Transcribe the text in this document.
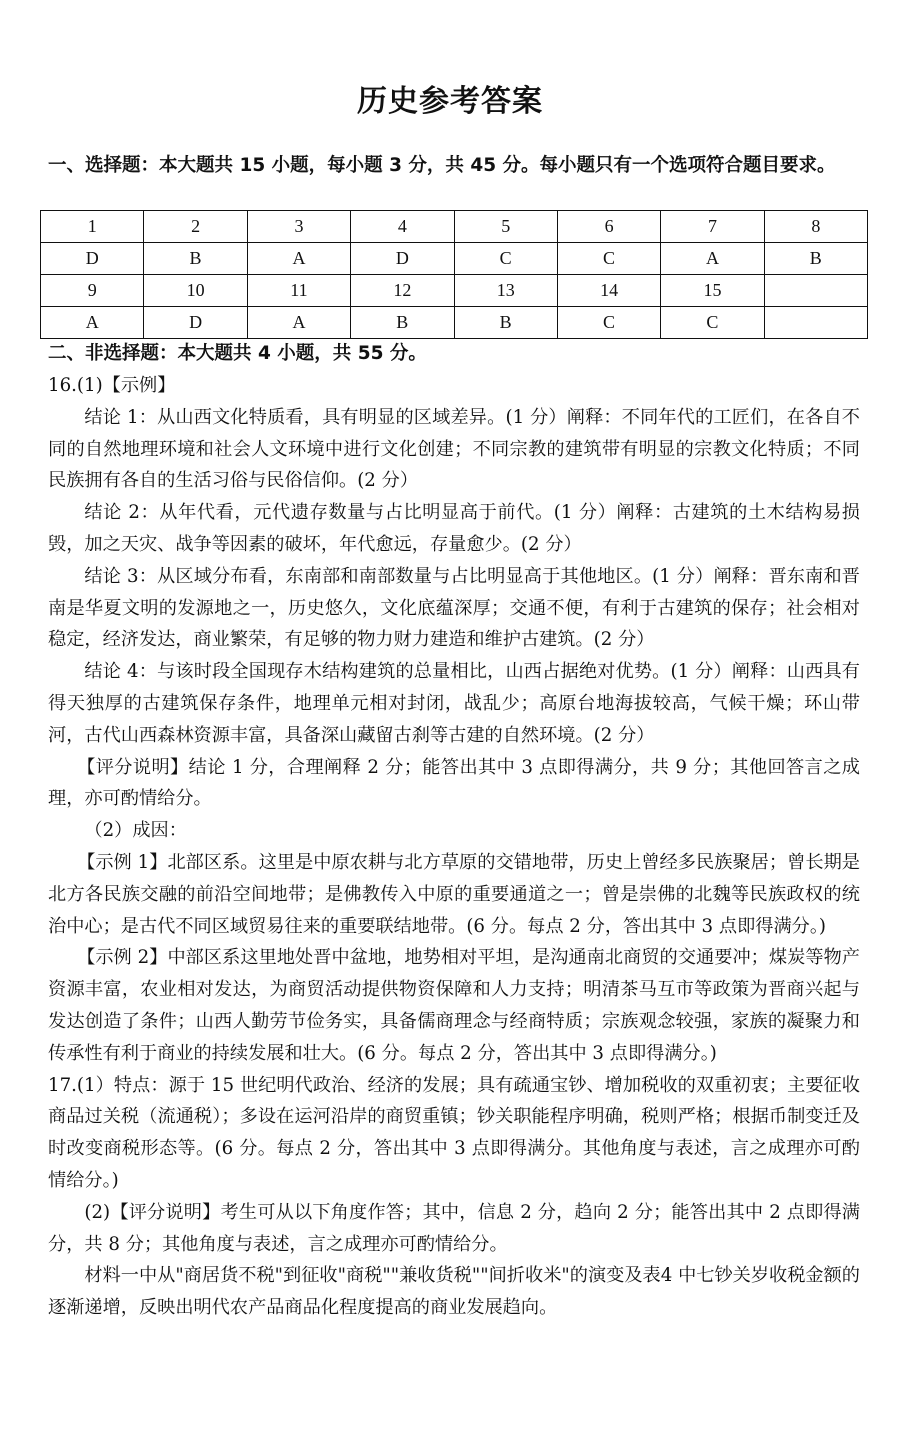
历史参考答案
一、选择题：本大题共 15 小题，每小题 3 分，共 45 分。每小题只有一个选项符合题目要求。
1	2	3	4	5	6	7	8
D	B	A	D	C	C	A	B
9	10	11	12	13	14	15	
A	D	A	B	B	C	C	
二、非选择题：本大题共 4 小题，共 55 分。

16.(1)【示例】

结论 1：从山西文化特质看，具有明显的区域差异。(1 分）阐释：不同年代的工匠们，在各自不同的自然地理环境和社会人文环境中进行文化创建；不同宗教的建筑带有明显的宗教文化特质；不同民族拥有各自的生活习俗与民俗信仰。(2 分）

结论 2：从年代看，元代遗存数量与占比明显高于前代。(1 分）阐释：古建筑的土木结构易损毁，加之天灾、战争等因素的破坏，年代愈远，存量愈少。(2 分）

结论 3：从区域分布看，东南部和南部数量与占比明显高于其他地区。(1 分）阐释：晋东南和晋南是华夏文明的发源地之一，历史悠久，文化底蕴深厚；交通不便，有利于古建筑的保存；社会相对稳定，经济发达，商业繁荣，有足够的物力财力建造和维护古建筑。(2 分）

结论 4：与该时段全国现存木结构建筑的总量相比，山西占据绝对优势。(1 分）阐释：山西具有得天独厚的古建筑保存条件，地理单元相对封闭，战乱少；高原台地海拔较高，气候干燥；环山带河，古代山西森林资源丰富，具备深山藏留古刹等古建的自然环境。(2 分）

【评分说明】结论 1 分，合理阐释 2 分；能答出其中 3 点即得满分，共 9 分；其他回答言之成理，亦可酌情给分。

（2）成因：

【示例 1】北部区系。这里是中原农耕与北方草原的交错地带，历史上曾经多民族聚居；曾长期是北方各民族交融的前沿空间地带；是佛教传入中原的重要通道之一；曾是崇佛的北魏等民族政权的统治中心；是古代不同区域贸易往来的重要联结地带。(6 分。每点 2 分，答出其中 3 点即得满分。)

【示例 2】中部区系这里地处晋中盆地，地势相对平坦，是沟通南北商贸的交通要冲；煤炭等物产资源丰富，农业相对发达，为商贸活动提供物资保障和人力支持；明清茶马互市等政策为晋商兴起与发达创造了条件；山西人勤劳节俭务实，具备儒商理念与经商特质；宗族观念较强，家族的凝聚力和传承性有利于商业的持续发展和壮大。(6 分。每点 2 分，答出其中 3 点即得满分。)

17.(1）特点：源于 15 世纪明代政治、经济的发展；具有疏通宝钞、增加税收的双重初衷；主要征收商品过关税（流通税）；多设在运河沿岸的商贸重镇；钞关职能程序明确，税则严格；根据币制变迁及时改变商税形态等。(6 分。每点 2 分，答出其中 3 点即得满分。其他角度与表述，言之成理亦可酌情给分。)

(2)【评分说明】考生可从以下角度作答；其中，信息 2 分，趋向 2 分；能答出其中 2 点即得满分，共 8 分；其他角度与表述，言之成理亦可酌情给分。

材料一中从"商居货不税"到征收"商税""兼收货税""间折收米"的演变及表4 中七钞关岁收税金额的逐渐递增，反映出明代农产品商品化程度提高的商业发展趋向。
